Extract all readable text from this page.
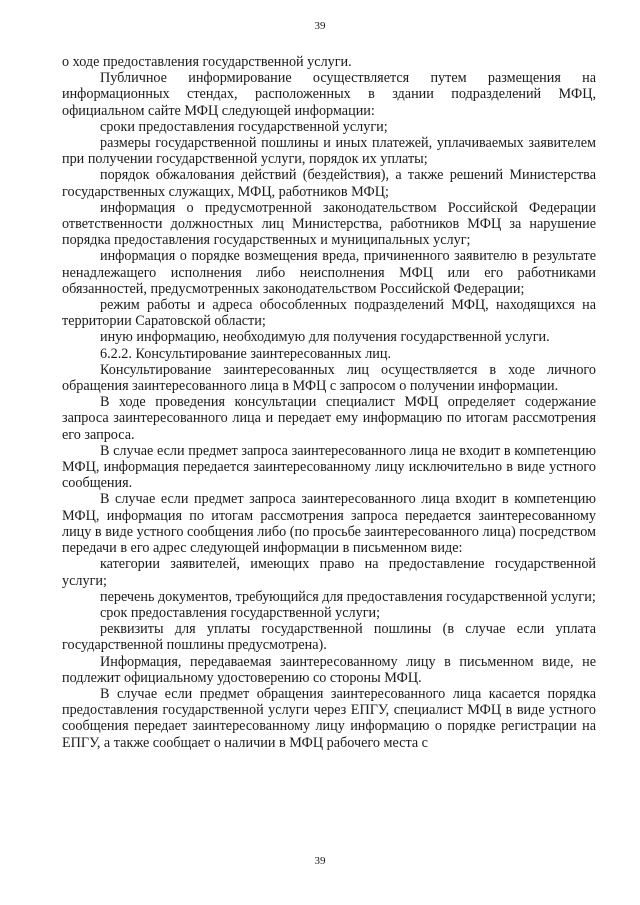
39

о ходе предоставления государственной услуги.

Публичное информирование осуществляется путем размещения на информационных стендах, расположенных в здании подразделений МФЦ, официальном сайте МФЦ следующей информации:

сроки предоставления государственной услуги;

размеры государственной пошлины и иных платежей, уплачиваемых заявителем при получении государственной услуги, порядок их уплаты;

порядок обжалования действий (бездействия), а также решений Министерства государственных служащих, МФЦ, работников МФЦ;

информация о предусмотренной законодательством Российской Федерации ответственности должностных лиц Министерства, работников МФЦ за нарушение порядка предоставления государственных и муниципальных услуг;

информация о порядке возмещения вреда, причиненного заявителю в результате ненадлежащего исполнения либо неисполнения МФЦ или его работниками обязанностей, предусмотренных законодательством Российской Федерации;

режим работы и адреса обособленных подразделений МФЦ, находящихся на территории Саратовской области;

иную информацию, необходимую для получения государственной услуги.

6.2.2. Консультирование заинтересованных лиц.

Консультирование заинтересованных лиц осуществляется в ходе личного обращения заинтересованного лица в МФЦ с запросом о получении информации.

В ходе проведения консультации специалист МФЦ определяет содержание запроса заинтересованного лица и передает ему информацию по итогам рассмотрения его запроса.

В случае если предмет запроса заинтересованного лица не входит в компетенцию МФЦ, информация передается заинтересованному лицу исключительно в виде устного сообщения.

В случае если предмет запроса заинтересованного лица входит в компетенцию МФЦ, информация по итогам рассмотрения запроса передается заинтересованному лицу в виде устного сообщения либо (по просьбе заинтересованного лица) посредством передачи в его адрес следующей информации в письменном виде:

категории заявителей, имеющих право на предоставление государственной услуги;

перечень документов, требующийся для предоставления государственной услуги;

срок предоставления государственной услуги;

реквизиты для уплаты государственной пошлины (в случае если уплата государственной пошлины предусмотрена).

Информация, передаваемая заинтересованному лицу в письменном виде, не подлежит официальному удостоверению со стороны МФЦ.

В случае если предмет обращения заинтересованного лица касается порядка предоставления государственной услуги через ЕПГУ, специалист МФЦ в виде устного сообщения передает заинтересованному лицу информацию о порядке регистрации на ЕПГУ, а также сообщает о наличии в МФЦ рабочего места с

39
